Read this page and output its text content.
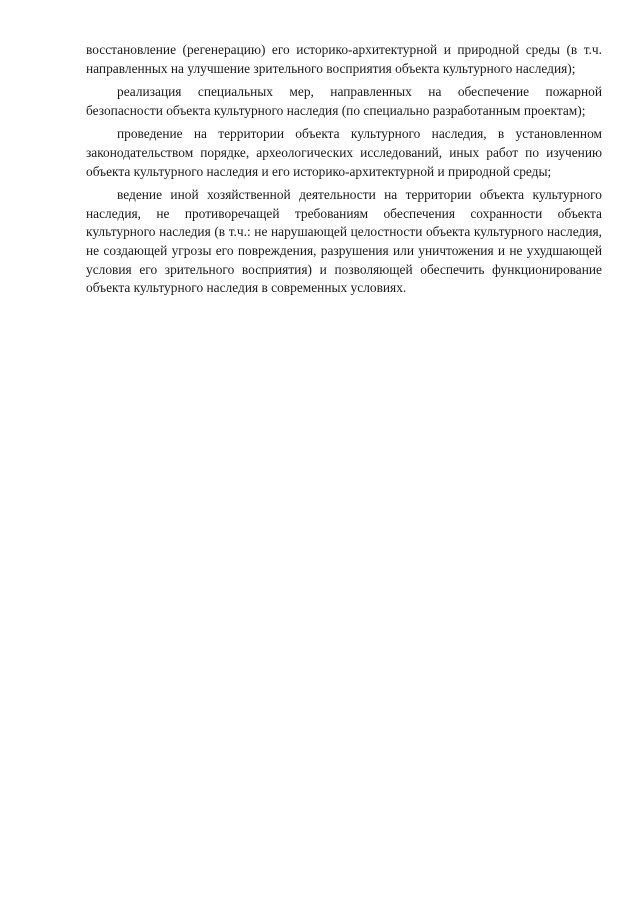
восстановление (регенерацию) его историко-архитектурной и природной среды (в т.ч. направленных на улучшение зрительного восприятия объекта культурного наследия);

реализация специальных мер, направленных на обеспечение пожарной безопасности объекта культурного наследия (по специально разработанным проектам);

проведение на территории объекта культурного наследия, в установленном законодательством порядке, археологических исследований, иных работ по изучению объекта культурного наследия и его историко-архитектурной и природной среды;

ведение иной хозяйственной деятельности на территории объекта культурного наследия, не противоречащей требованиям обеспечения сохранности объекта культурного наследия (в т.ч.: не нарушающей целостности объекта культурного наследия, не создающей угрозы его повреждения, разрушения или уничтожения и не ухудшающей условия его зрительного восприятия) и позволяющей обеспечить функционирование объекта культурного наследия в современных условиях.
